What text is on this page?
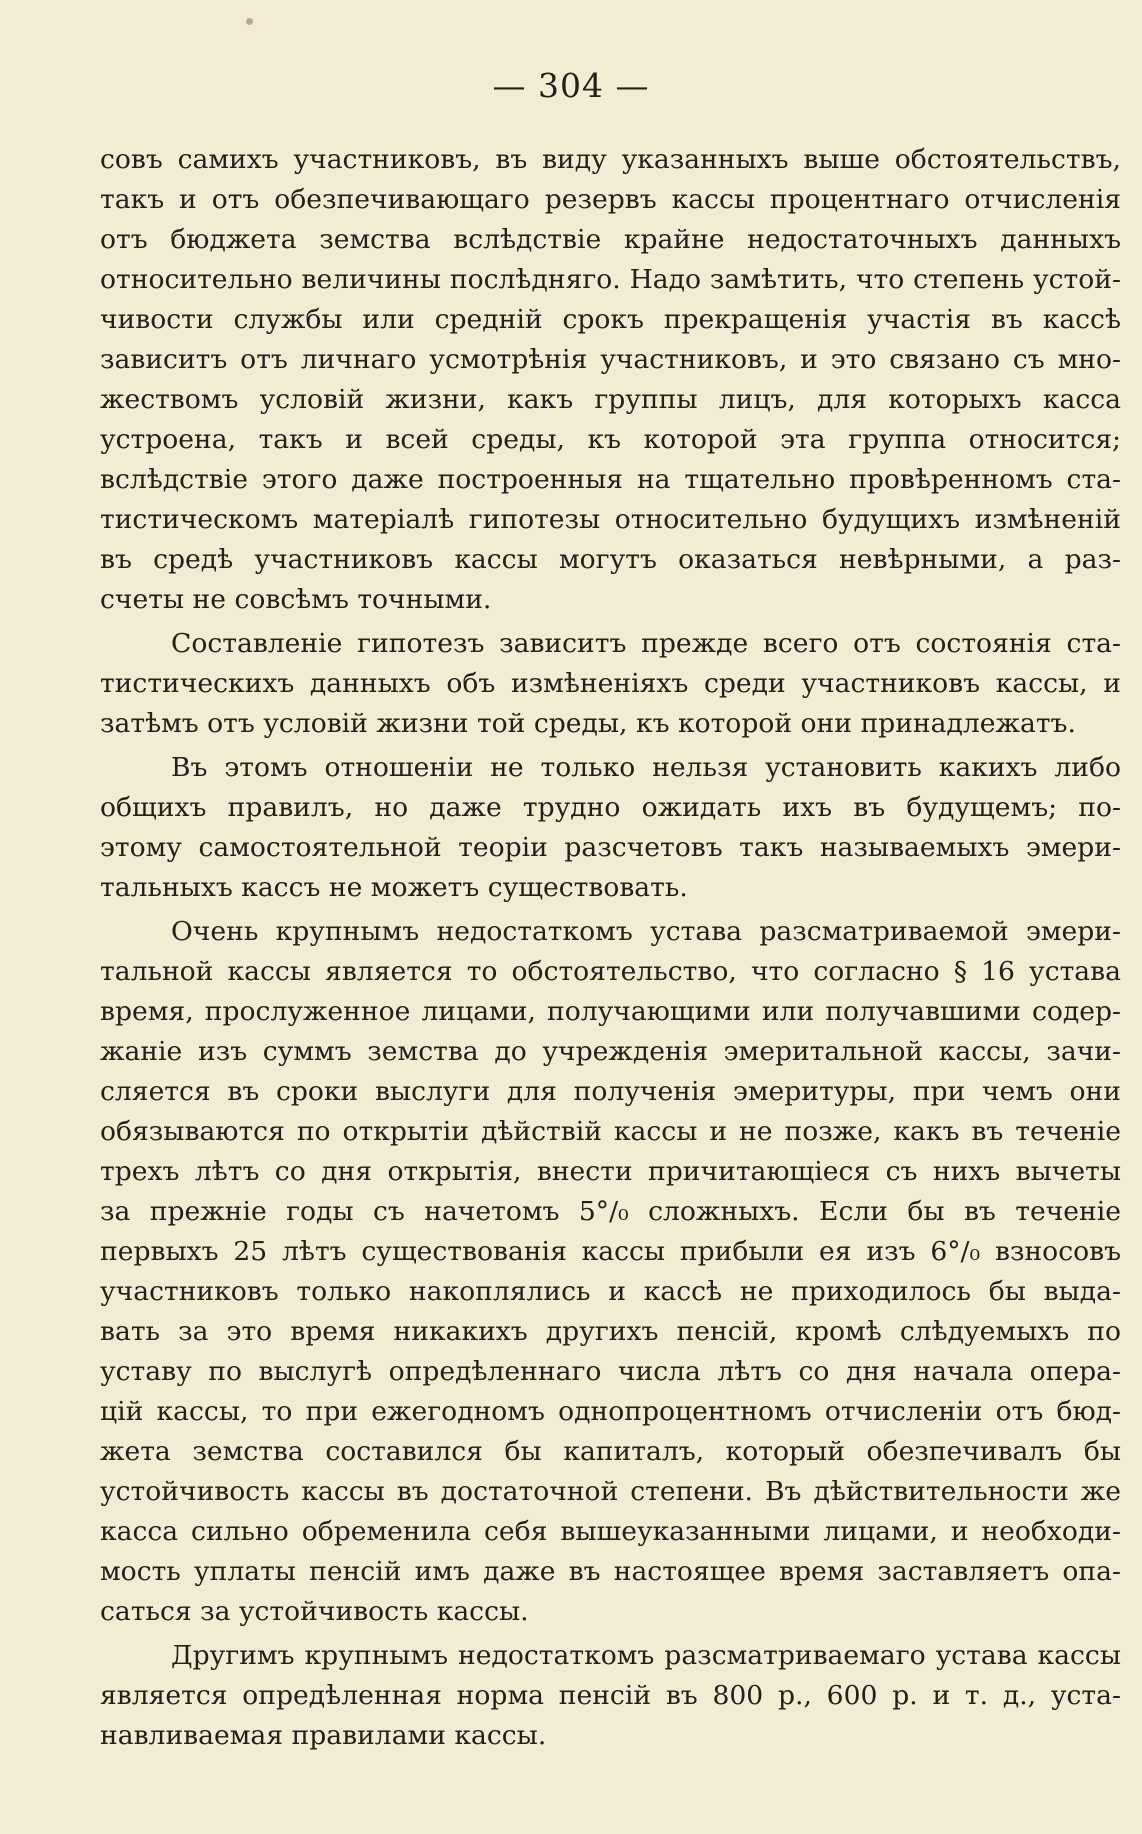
— 304 —
совъ самихъ участниковъ, въ виду указанныхъ выше обстоятельствъ,
такъ и отъ обезпечивающаго резервъ кассы процентнаго отчисленія
отъ бюджета земства вслѣдствіе крайне недостаточныхъ данныхъ
относительно величины послѣдняго. Надо замѣтить, что степень устой-
чивости службы или среднiй срокъ прекращенія участія въ кассѣ
зависитъ отъ личнаго усмотрѣнія участниковъ, и это связано съ мно-
жествомъ условiй жизни, какъ группы лицъ, для которыхъ касса
устроена, такъ и всей среды, къ которой эта группа относится;
вслѣдствіе этого даже построенныя на тщательно провѣренномъ ста-
тистическомъ матеріалѣ гипотезы относительно будущихъ измѣненій
въ средѣ участниковъ кассы могутъ оказаться невѣрными, а раз-
счеты не совсѣмъ точными.
Составленіе гипотезъ зависитъ прежде всего отъ состоянія ста-
тистическихъ данныхъ объ измѣненіяхъ среди участниковъ кассы, и
затѣмъ отъ условій жизни той среды, къ которой они принадлежатъ.
Въ этомъ отношеніи не только нельзя установить какихъ либо
общихъ правилъ, но даже трудно ожидать ихъ въ будущемъ; по-
этому самостоятельной теоріи разсчетовъ такъ называемыхъ эмери-
тальныхъ кассъ не можетъ существовать.
Очень крупнымъ недостаткомъ устава разсматриваемой эмери-
тальной кассы является то обстоятельство, что согласно § 16 устава
время, прослуженное лицами, получающими или получавшими содер-
жаніе изъ суммъ земства до учрежденія эмеритальной кассы, зачи-
сляется въ сроки выслуги для полученія эмеритуры, при чемъ они
обязываются по открытіи дѣйствій кассы и не позже, какъ въ теченіе
трехъ лѣтъ со дня открытія, внести причитающіеся съ нихъ вычеты
за прежніе годы съ начетомъ 5°/₀ сложныхъ. Если бы въ теченіе
первыхъ 25 лѣтъ существованія кассы прибыли ея изъ 6°/₀ взносовъ
участниковъ только накоплялись и кассѣ не приходилось бы выда-
вать за это время никакихъ другихъ пенсій, кромѣ слѣдуемыхъ по
уставу по выслугѣ опредѣленнаго числа лѣтъ со дня начала опера-
цій кассы, то при ежегодномъ однопроцентномъ отчисленіи отъ бюд-
жета земства составился бы капиталъ, который обезпечивалъ бы
устойчивость кассы въ достаточной степени. Въ дѣйствительности же
касса сильно обременила себя вышеуказанными лицами, и необходи-
мость уплаты пенсій имъ даже въ настоящее время заставляетъ опа-
саться за устойчивость кассы.
Другимъ крупнымъ недостаткомъ разсматриваемаго устава кассы
является опредѣленная норма пенсій въ 800 р., 600 р. и т. д., уста-
навливаемая правилами кассы.
